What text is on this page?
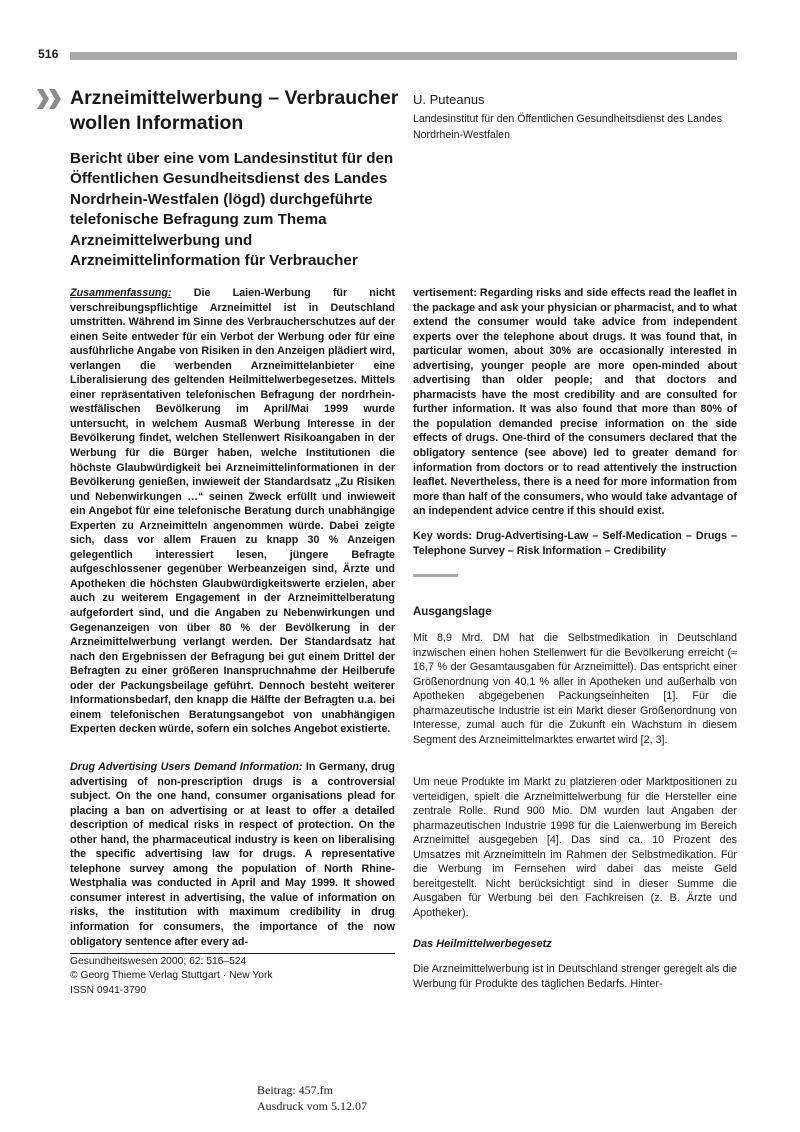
516
Arzneimittelwerbung – Verbraucher wollen Information
Bericht über eine vom Landesinstitut für den Öffentlichen Gesundheitsdienst des Landes Nordrhein-Westfalen (lögd) durchgeführte telefonische Befragung zum Thema Arzneimittelwerbung und Arzneimittelinformation für Verbraucher
U. Puteanus
Landesinstitut für den Öffentlichen Gesundheitsdienst des Landes Nordrhein-Westfalen

Zusammenfassung: Die Laien-Werbung für nicht verschreibungspflichtige Arzneimittel ist in Deutschland umstritten. Während im Sinne des Verbraucherschutzes auf der einen Seite entweder für ein Verbot der Werbung oder für eine ausführliche Angabe von Risiken in den Anzeigen plädiert wird, verlangen die werbenden Arzneimittelanbieter eine Liberalisierung des geltenden Heilmittelwerbegesetzes. Mittels einer repräsentativen telefonischen Befragung der nordrhein-westfälischen Bevölkerung im April/Mai 1999 wurde untersucht, in welchem Ausmaß Werbung Interesse in der Bevölkerung findet, welchen Stellenwert Risikoangaben in der Werbung für die Bürger haben, welche Institutionen die höchste Glaubwürdigkeit bei Arzneimittelinformationen in der Bevölkerung genießen, inwieweit der Standardsatz „Zu Risiken und Nebenwirkungen …“ seinen Zweck erfüllt und inwieweit ein Angebot für eine telefonische Beratung durch unabhängige Experten zu Arzneimitteln angenommen würde. Dabei zeigte sich, dass vor allem Frauen zu knapp 30 % Anzeigen gelegentlich interessiert lesen, jüngere Befragte aufgeschlossener gegenüber Werbeanzeigen sind, Ärzte und Apotheken die höchsten Glaubwürdigkeitswerte erzielen, aber auch zu weiterem Engagement in der Arzneimittelberatung aufgefordert sind, und die Angaben zu Nebenwirkungen und Gegenanzeigen von über 80 % der Bevölkerung in der Arzneimittelwerbung verlangt werden. Der Standardsatz hat nach den Ergebnissen der Befragung bei gut einem Drittel der Befragten zu einer größeren Inanspruchnahme der Heilberufe oder der Packungsbeilage geführt. Dennoch besteht weiterer Informationsbedarf, den knapp die Hälfte der Befragten u.a. bei einem telefonischen Beratungsangebot von unabhängigen Experten decken würde, sofern ein solches Angebot existierte.

Drug Advertising Users Demand Information: In Germany, drug advertising of non-prescription drugs is a controversial subject. On the one hand, consumer organisations plead for placing a ban on advertising or at least to offer a detailed description of medical risks in respect of protection. On the other hand, the pharmaceutical industry is keen on liberalising the specific advertising law for drugs. A representative telephone survey among the population of North Rhine-Westphalia was conducted in April and May 1999. It showed consumer interest in advertising, the value of information on risks, the institution with maximum credibility in drug information for consumers, the importance of the now obligatory sentence after every ad-

vertisement: Regarding risks and side effects read the leaflet in the package and ask your physician or pharmacist, and to what extend the consumer would take advice from independent experts over the telephone about drugs. It was found that, in particular women, about 30% are occasionally interested in advertising, younger people are more open-minded about advertising than older people; and that doctors and pharmacists have the most credibility and are consulted for further information. It was also found that more than 80% of the population demanded precise information on the side effects of drugs. One-third of the consumers declared that the obligatory sentence (see above) led to greater demand for information from doctors or to read attentively the instruction leaflet. Nevertheless, there is a need for more information from more than half of the consumers, who would take advantage of an independent advice centre if this should exist.

Key words: Drug-Advertising-Law – Self-Medication – Drugs – Telephone Survey – Risk Information – Credibility

Ausgangslage

Mit 8,9 Mrd. DM hat die Selbstmedikation in Deutschland inzwischen einen hohen Stellenwert für die Bevölkerung erreicht (≈ 16,7 % der Gesamtausgaben für Arzneimittel). Das entspricht einer Größenordnung von 40,1 % aller in Apotheken und außerhalb von Apotheken abgegebenen Packungseinheiten [1]. Für die pharmazeutische Industrie ist ein Markt dieser Größenordnung von Interesse, zumal auch für die Zukunft ein Wachstum in diesem Segment des Arzneimittelmarktes erwartet wird [2, 3].

Um neue Produkte im Markt zu platzieren oder Marktpositionen zu verteidigen, spielt die Arzneimittelwerbung für die Hersteller eine zentrale Rolle. Rund 900 Mio. DM wurden laut Angaben der pharmazeutischen Industrie 1998 für die Laienwerbung im Bereich Arzneimittel ausgegeben [4]. Das sind ca. 10 Prozent des Umsatzes mit Arzneimitteln im Rahmen der Selbstmedikation. Für die Werbung im Fernsehen wird dabei das meiste Geld bereitgestellt. Nicht berücksichtigt sind in dieser Summe die Ausgaben für Werbung bei den Fachkreisen (z. B. Ärzte und Apotheker).

Das Heilmittelwerbegesetz

Die Arzneimittelwerbung ist in Deutschland strenger geregelt als die Werbung für Produkte des täglichen Bedarfs. Hinter-

Gesundheitswesen 2000; 62: 516–524
© Georg Thieme Verlag Stuttgart · New York
ISSN 0941-3790
Beitrag: 457.fm
Ausdruck vom 5.12.07
